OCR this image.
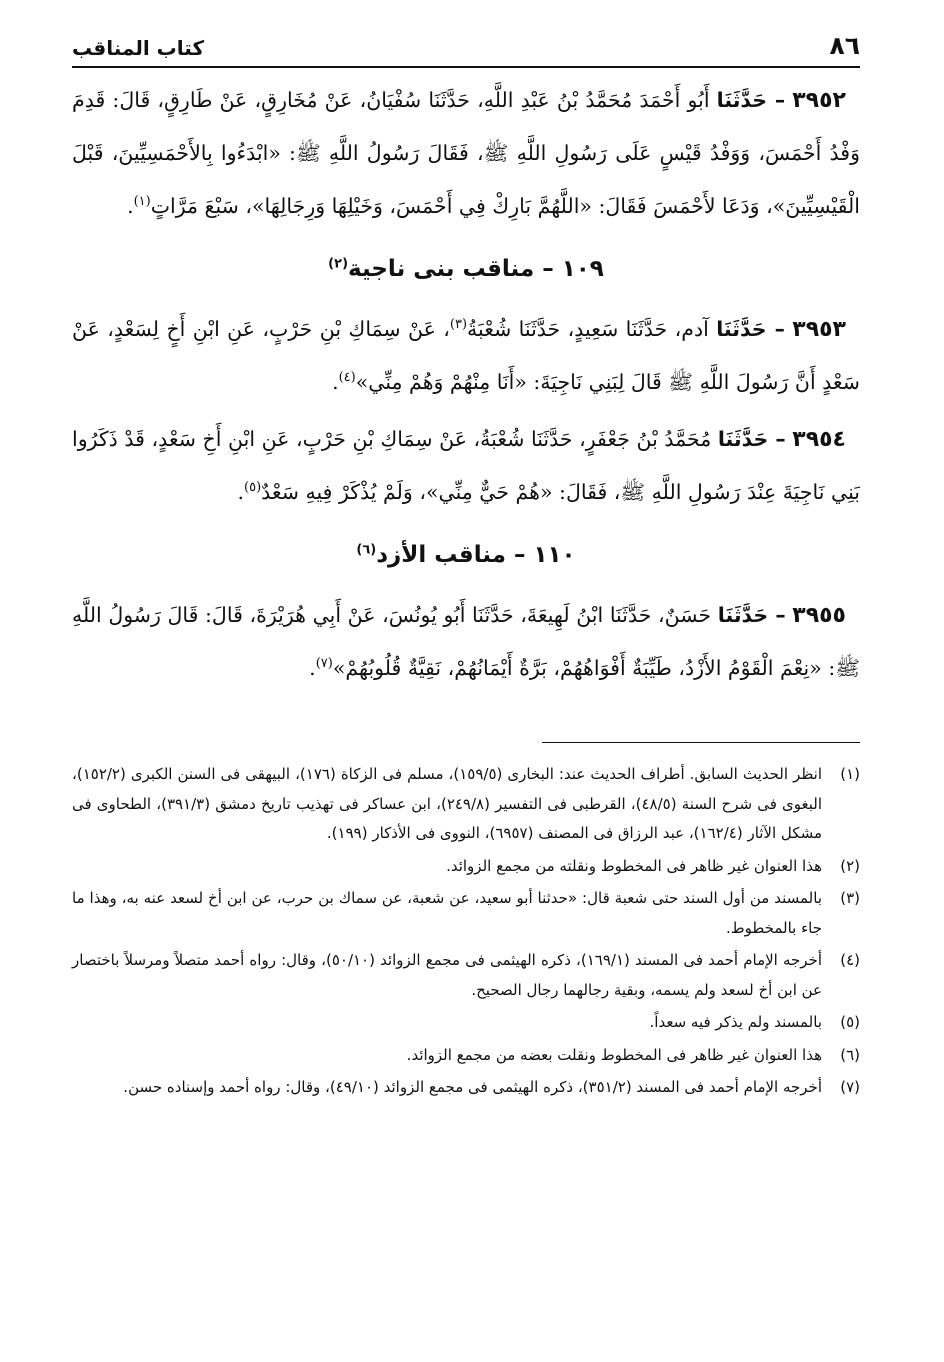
٨٦
كتاب المناقب

٣٩٥٢ – حَدَّثَنَا أَبُو أَحْمَدَ مُحَمَّدُ بْنُ عَبْدِ اللَّهِ، حَدَّثَنَا سُفْيَانُ، عَنْ مُخَارِقٍ، عَنْ طَارِقٍ، قَالَ: قَدِمَ وَفْدُ أَحْمَسَ، وَوَفْدُ قَيْسٍ عَلَى رَسُولِ اللَّهِ ﷺ، فَقَالَ رَسُولُ اللَّهِ ﷺ: «ابْدَءُوا بِالأَحْمَسِيِّينَ، قَبْلَ الْقَيْسِيِّينَ»، وَدَعَا لأَحْمَسَ فَقَالَ: «اللَّهُمَّ بَارِكْ فِي أَحْمَسَ، وَخَيْلِهَا وَرِجَالِهَا»، سَبْعَ مَرَّاتٍ$^{(١)}$.

١٠٩ – مناقب بنى ناجية$^{(٢)}$

٣٩٥٣ – حَدَّثَنَا آدم، حَدَّثَنَا سَعِيدٍ، حَدَّثَنَا شُعْبَةُ$^{(٣)}$، عَنْ سِمَاكِ بْنِ حَرْبٍ، عَنِ ابْنِ أَخٍ لِسَعْدٍ، عَنْ سَعْدٍ أَنَّ رَسُولَ اللَّهِ ﷺ قَالَ لِبَنِي نَاجِيَةَ: «أَنَا مِنْهُمْ وَهُمْ مِنِّي»$^{(٤)}$.

٣٩٥٤ – حَدَّثَنَا مُحَمَّدُ بْنُ جَعْفَرٍ، حَدَّثَنَا شُعْبَةُ، عَنْ سِمَاكِ بْنِ حَرْبٍ، عَنِ ابْنِ أَخِ سَعْدٍ، قَدْ ذَكَرُوا بَنِي نَاجِيَةَ عِنْدَ رَسُولِ اللَّهِ ﷺ، فَقَالَ: «هُمْ حَيٌّ مِنِّي»، وَلَمْ يُذْكَرْ فِيهِ سَعْدٌ$^{(٥)}$.

١١٠ – مناقب الأزد$^{(٦)}$

٣٩٥٥ – حَدَّثَنَا حَسَنٌ، حَدَّثَنَا ابْنُ لَهِيعَةَ، حَدَّثَنَا أَبُو يُونُسَ، عَنْ أَبِي هُرَيْرَةَ، قَالَ: قَالَ رَسُولُ اللَّهِ ﷺ: «نِعْمَ الْقَوْمُ الأَزْدُ، طَيِّبَةٌ أَفْوَاهُهُمْ، بَرَّةٌ أَيْمَانُهُمْ، نَقِيَّةٌ قُلُوبُهُمْ»$^{(٧)}$.

(١)
انظر الحديث السابق. أطراف الحديث عند: البخارى (١٥٩/٥)، مسلم فى الزكاة (١٧٦)، البيهقى فى السنن الكبرى (١٥٢/٢)، البغوى فى شرح السنة (٤٨/٥)، القرطبى فى التفسير (٢٤٩/٨)، ابن عساكر فى تهذيب تاريخ دمشق (٣٩١/٣)، الطحاوى فى مشكل الآثار (١٦٢/٤)، عبد الرزاق فى المصنف (٦٩٥٧)، النووى فى الأذكار (١٩٩).

(٢)
هذا العنوان غير ظاهر فى المخطوط ونقلته من مجمع الزوائد.

(٣)
بالمسند من أول السند حتى شعبة قال: «حدثنا أبو سعيد، عن شعبة، عن سماك بن حرب، عن ابن أخ لسعد عنه به، وهذا ما جاء بالمخطوط.

(٤)
أخرجه الإمام أحمد فى المسند (١٦٩/١)، ذكره الهيثمى فى مجمع الزوائد (٥٠/١٠)، وقال: رواه أحمد متصلاً ومرسلاً باختصار عن ابن أخ لسعد ولم يسمه، وبقية رجالهما رجال الصحيح.

(٥)
بالمسند ولم يذكر فيه سعداً.

(٦)
هذا العنوان غير ظاهر فى المخطوط ونقلت بعضه من مجمع الزوائد.

(٧)
أخرجه الإمام أحمد فى المسند (٣٥١/٢)، ذكره الهيثمى فى مجمع الزوائد (٤٩/١٠)، وقال: رواه أحمد وإسناده حسن.
